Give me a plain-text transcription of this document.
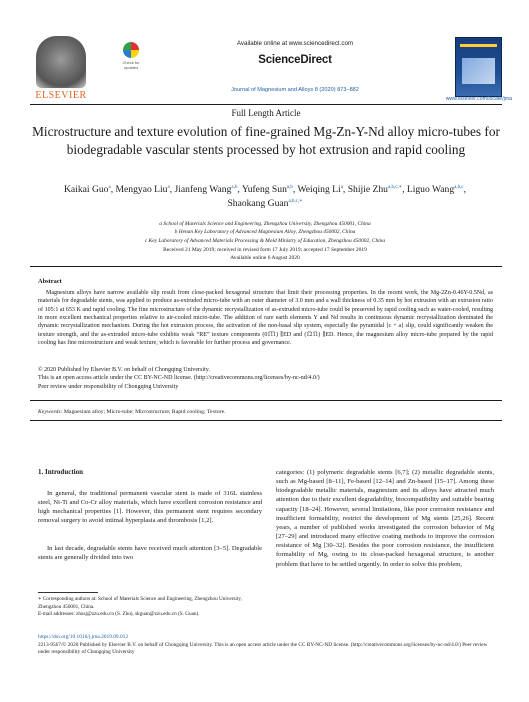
ELSEVIER
Check for updates
Available online at www.sciencedirect.com
ScienceDirect
Journal of Magnesium and Alloys 8 (2020) 873–882
www.elsevier.com/locate/jma
Full Length Article
Microstructure and texture evolution of fine-grained Mg-Zn-Y-Nd alloy micro-tubes for biodegradable vascular stents processed by hot extrusion and rapid cooling
Kaikai Guo$^a$, Mengyao Liu$^a$, Jianfeng Wang$^{a,b}$, Yufeng Sun$^{a,b}$, Weiqing Li$^a$, Shijie Zhu$^{a,b,c,∗}$, Liguo Wang$^{a,b,c}$, Shaokang Guan$^{a,b,c,∗}$
a School of Materials Science and Engineering, Zhengzhou University, Zhengzhou 450001, China
b Henan Key Laboratory of Advanced Magnesium Alloy, Zhengzhou 450002, China
c Key Laboratory of Advanced Materials Processing & Mold Ministry of Education, Zhengzhou 450002, China
Received 21 May 2019; received in revised form 17 July 2019; accepted 17 September 2019
Available online 6 August 2020
Abstract
Magnesium alloys have narrow available slip result from close-packed hexagonal structure that limit their processing properties. In the recent work, the Mg-2Zn-0.46Y-0.5Nd, as materials for degradable stents, was applied to produce as-extruded micro-tube with an outer diameter of 3.0 mm and a wall thickness of 0.35 mm by hot extrusion with an extrusion ratio of 105:1 at 653 K and rapid cooling. The fine microstructure of the dynamic recrystallization of as-extruded micro-tube could be preserved by rapid cooling such as water-cooled, resulting in more excellent mechanical properties relative to air-cooled micro-tube. The addition of rare earth elements Y and Nd results in continuous dynamic recrystallization dominated the dynamic recrystallization mechanism. During the hot extrusion process, the activation of the non-basal slip system, especially the pyramidal ⟨c + a⟩ slip, could significantly weaken the texture strength, and the as-extruded micro-tube exhibits weak “RE” texture components (01̅1̅1) ∥ED and (1̅21̅1) ∥ED. Hence, the magnesium alloy micro-tube prepared by the rapid cooling has fine microstructure and weak texture, which is favorable for further process and governance.
© 2020 Published by Elsevier B.V. on behalf of Chongqing University.
This is an open access article under the CC BY-NC-ND license. (http://creativecommons.org/licenses/by-nc-nd/4.0/)
Peer review under responsibility of Chongqing University
Keywords: Magnesium alloy; Micro-tube; Microstructure; Rapid cooling; Texture.
1. Introduction
In general, the traditional permanent vascular stent is made of 316L stainless steel, Ni-Ti and Co-Cr alloy materials, which have excellent corrosion resistance and high mechanical properties [1]. However, this permanent stent requires secondary removal surgery to avoid intimal hyperplasia and thrombosis [1,2].
In last decade, degradable stents have received much attention [3–5]. Degradable stents are generally divided into two
categories: (1) polymeric degradable stents [6,7]; (2) metallic degradable stents, such as Mg-based [8–11], Fe-based [12–14] and Zn-based [15–17]. Among these biodegradable metallic materials, magnesium and its alloys have attracted much attention due to their excellent degradability, biocompatibility and suitable bearing capacity [18–24]. However, several limitations, like poor corrosion resistance and insufficient formability, restrict the development of Mg stents [25,26]. Recent years, a number of published works investigated the corrosion behavior of Mg [27–29] and introduced many effective coating methods to improve the corrosion resistance of Mg [30–32]. Besides the poor corrosion resistance, the insufficient formability of Mg, owing to its close-packed hexagonal structure, is another problem that have to be settled urgently. In order to solve this problem,
∗ Corresponding authors at: School of Materials Science and Engineering, Zhengzhou University, Zhengzhou 450001, China.
E-mail addresses: zhusj@zzu.edu.cn (S. Zhu), skguan@zzu.edu.cn (S. Guan).
https://doi.org/10.1016/j.jma.2019.09.012
2213-9567/© 2020 Published by Elsevier B.V. on behalf of Chongqing University. This is an open access article under the CC BY-NC-ND license. (http://creativecommons.org/licenses/by-nc-nd/4.0/) Peer review under responsibility of Chongqing University
